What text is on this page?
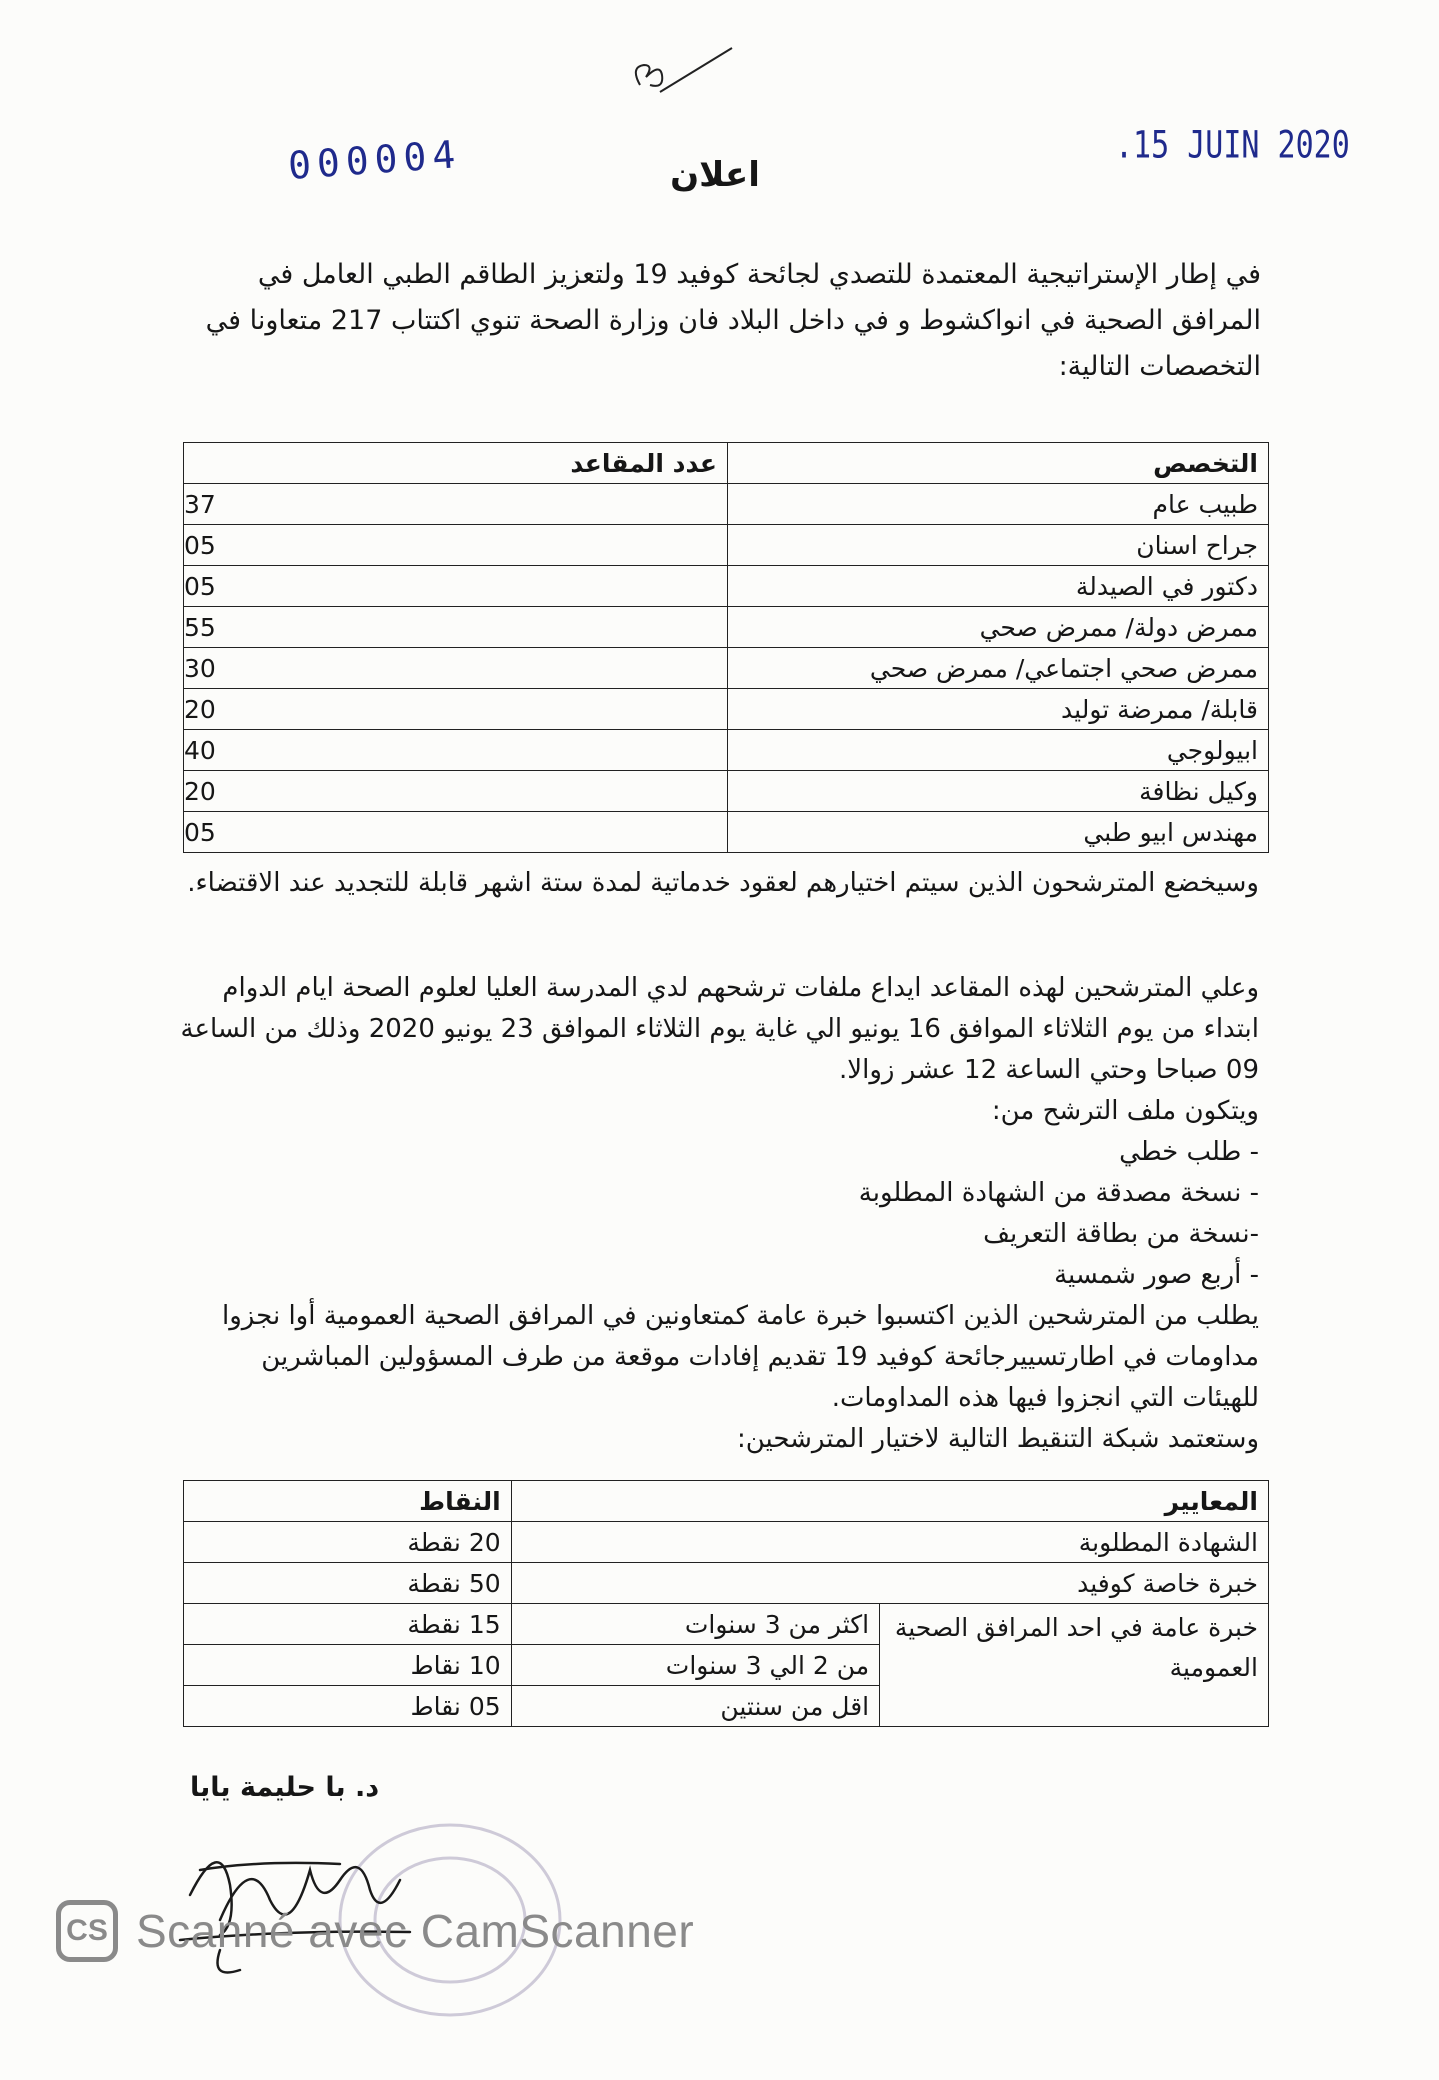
000004	.15 JUIN 2020
اعلان
في إطار الإستراتيجية المعتمدة للتصدي لجائحة كوفيد 19 ولتعزيز الطاقم الطبي العامل في المرافق الصحية في انواكشوط و في داخل البلاد فان وزارة الصحة تنوي اكتتاب 217 متعاونا في التخصصات التالية:
التخصص	عدد المقاعد
طبيب عام	37
جراح اسنان	05
دكتور في الصيدلة	05
ممرض دولة/ ممرض صحي	55
ممرض صحي اجتماعي/ ممرض صحي	30
قابلة/ ممرضة توليد	20
ابيولوجي	40
وكيل نظافة	20
مهندس ابيو طبي	05
وسيخضع المترشحون الذين سيتم اختيارهم لعقود خدماتية لمدة ستة اشهر قابلة للتجديد عند الاقتضاء.

وعلي المترشحين لهذه المقاعد ايداع ملفات ترشحهم لدي المدرسة العليا لعلوم الصحة ايام الدوام ابتداء من يوم الثلاثاء الموافق 16 يونيو الي غاية يوم الثلاثاء الموافق 23 يونيو 2020 وذلك من الساعة 09 صباحا وحتي الساعة 12 عشر زوالا.

ويتكون ملف الترشح من:

- طلب خطي

- نسخة مصدقة من الشهادة المطلوبة

-نسخة من بطاقة التعريف

- أربع صور شمسية

يطلب من المترشحين الذين اكتسبوا خبرة عامة كمتعاونين في المرافق الصحية العمومية أوا نجزوا مداومات في اطارتسييرجائحة كوفيد 19 تقديم إفادات موقعة من طرف المسؤولين المباشرين للهيئات التي انجزوا فيها هذه المداومات.

وستعتمد شبكة التنقيط التالية لاختيار المترشحين:

المعايير		النقاط
الشهادة المطلوبة		20 نقطة
خبرة خاصة كوفيد		50 نقطة
خبرة عامة في احد المرافق الصحية العمومية	اكثر من 3 سنوات	15 نقطة
	من 2 الي 3 سنوات	10 نقاط
	اقل من سنتين	05 نقاط
د. با حليمة يايا
CS Scanné avec CamScanner
